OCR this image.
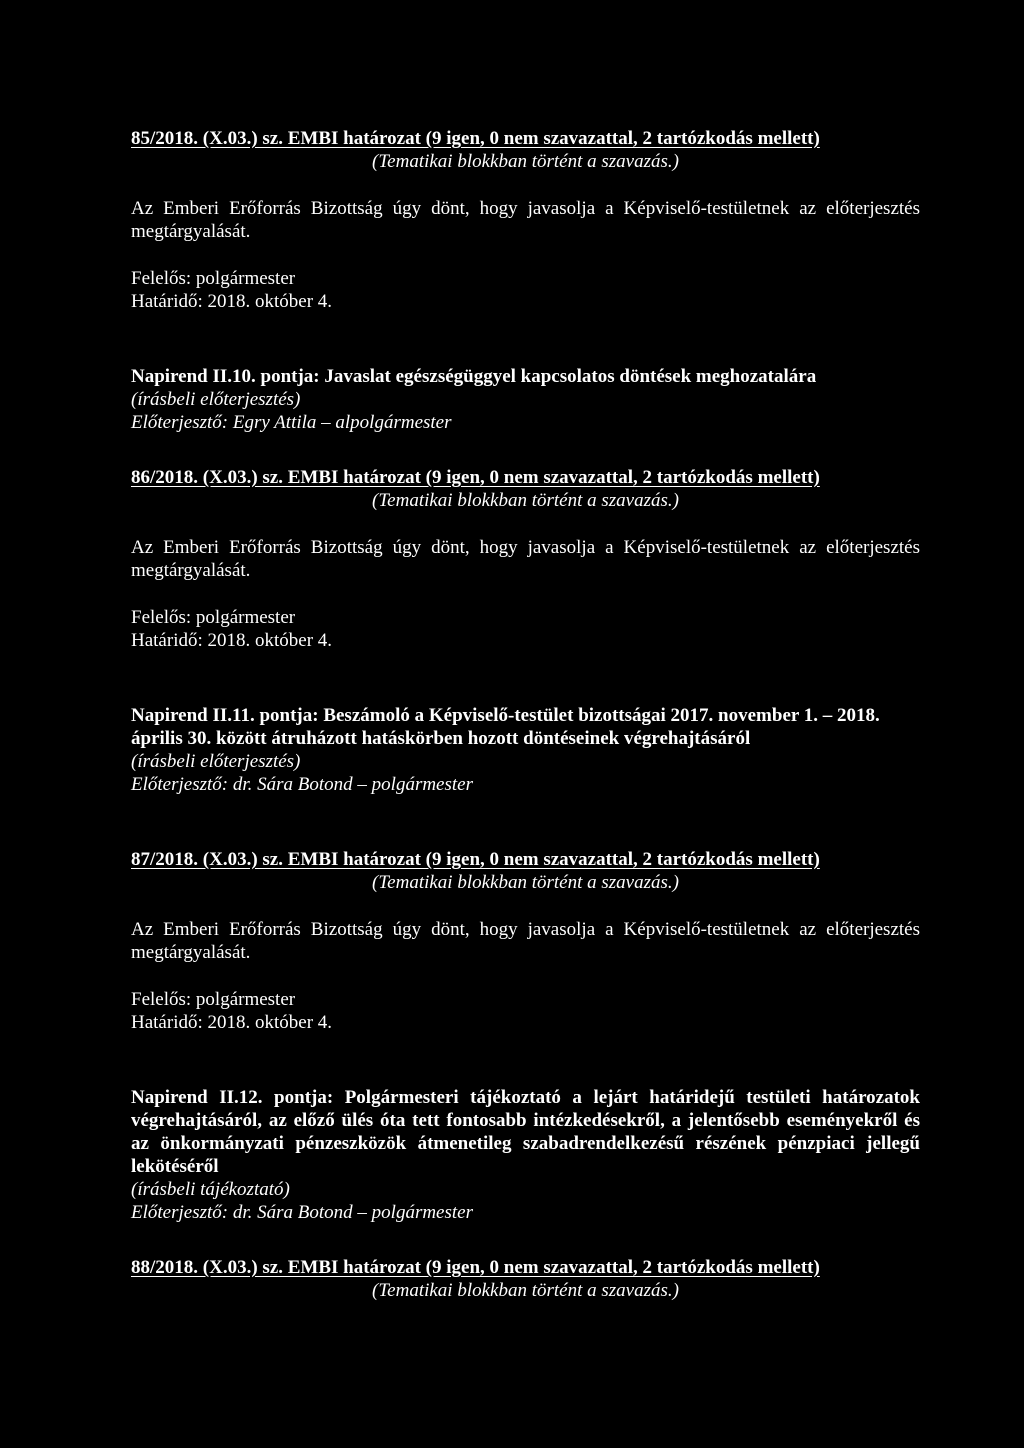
85/2018. (X.03.) sz. EMBI határozat (9 igen, 0 nem szavazattal, 2 tartózkodás mellett)

(Tematikai blokkban történt a szavazás.)

Az Emberi Erőforrás Bizottság úgy dönt, hogy javasolja a Képviselő-testületnek az előterjesztés megtárgyalását.

Felelős: polgármester

Határidő: 2018. október 4.

Napirend II.10. pontja: Javaslat egészségüggyel kapcsolatos döntések meghozatalára

(írásbeli előterjesztés)

Előterjesztő: Egry Attila – alpolgármester

86/2018. (X.03.) sz. EMBI határozat (9 igen, 0 nem szavazattal, 2 tartózkodás mellett)

(Tematikai blokkban történt a szavazás.)

Az Emberi Erőforrás Bizottság úgy dönt, hogy javasolja a Képviselő-testületnek az előterjesztés megtárgyalását.

Felelős: polgármester

Határidő: 2018. október 4.

Napirend II.11. pontja: Beszámoló a Képviselő-testület bizottságai 2017. november 1. – 2018. április 30. között átruházott hatáskörben hozott döntéseinek végrehajtásáról

(írásbeli előterjesztés)

Előterjesztő: dr. Sára Botond – polgármester

87/2018. (X.03.) sz. EMBI határozat (9 igen, 0 nem szavazattal, 2 tartózkodás mellett)

(Tematikai blokkban történt a szavazás.)

Az Emberi Erőforrás Bizottság úgy dönt, hogy javasolja a Képviselő-testületnek az előterjesztés megtárgyalását.

Felelős: polgármester

Határidő: 2018. október 4.

Napirend II.12. pontja: Polgármesteri tájékoztató a lejárt határidejű testületi határozatok végrehajtásáról, az előző ülés óta tett fontosabb intézkedésekről, a jelentősebb eseményekről és az önkormányzati pénzeszközök átmenetileg szabadrendelkezésű részének pénzpiaci jellegű lekötéséről

(írásbeli tájékoztató)

Előterjesztő: dr. Sára Botond – polgármester

88/2018. (X.03.) sz. EMBI határozat (9 igen, 0 nem szavazattal, 2 tartózkodás mellett)

(Tematikai blokkban történt a szavazás.)
